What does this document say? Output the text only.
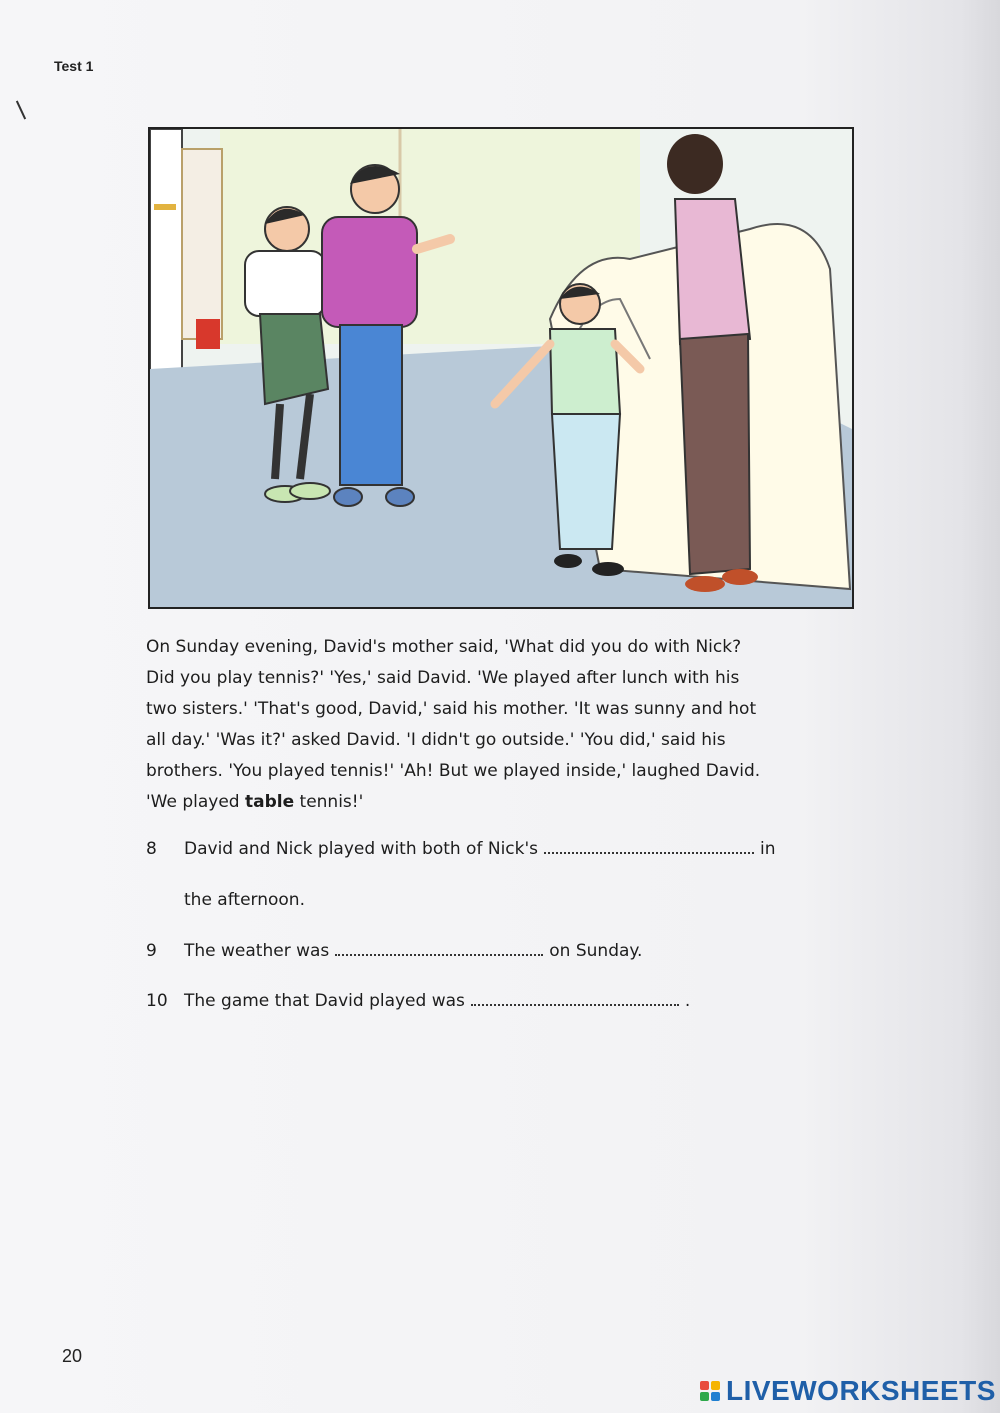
Test 1
On Sunday evening, David's mother said, 'What did you do with Nick?
Did you play tennis?' 'Yes,' said David. 'We played after lunch with his
two sisters.' 'That's good, David,' said his mother. 'It was sunny and hot
all day.' 'Was it?' asked David. 'I didn't go outside.' 'You did,' said his
brothers. 'You played tennis!' 'Ah! But we played inside,' laughed David.
'We played table tennis!'
8 David and Nick played with both of Nick's	in
the afternoon.
9 The weather was	on Sunday.
10 The game that David played was	.
20
LIVEWORKSHEETS
